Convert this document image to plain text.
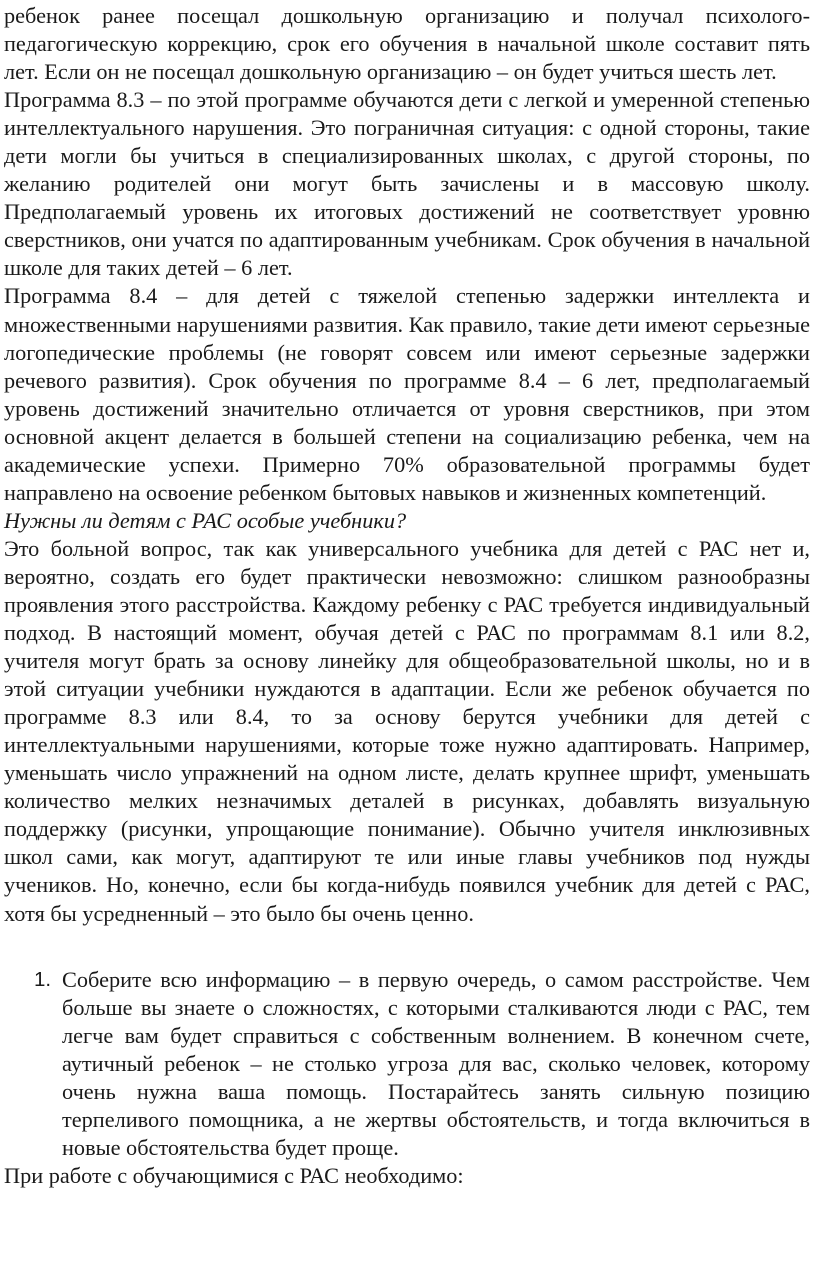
ребенок ранее посещал дошкольную организацию и получал психолого-педагогическую коррекцию, срок его обучения в начальной школе составит пять лет. Если он не посещал дошкольную организацию – он будет учиться шесть лет.

Программа 8.3 – по этой программе обучаются дети с легкой и умеренной степенью интеллектуального нарушения. Это пограничная ситуация: с одной стороны, такие дети могли бы учиться в специализированных школах, с другой стороны, по желанию родителей они могут быть зачислены и в массовую школу. Предполагаемый уровень их итоговых достижений не соответствует уровню сверстников, они учатся по адаптированным учебникам. Срок обучения в начальной школе для таких детей – 6 лет.

Программа 8.4 – для детей с тяжелой степенью задержки интеллекта и множественными нарушениями развития. Как правило, такие дети имеют серьезные логопедические проблемы (не говорят совсем или имеют серьезные задержки речевого развития). Срок обучения по программе 8.4 – 6 лет, предполагаемый уровень достижений значительно отличается от уровня сверстников, при этом основной акцент делается в большей степени на социализацию ребенка, чем на академические успехи. Примерно 70% образовательной программы будет направлено на освоение ребенком бытовых навыков и жизненных компетенций.

Нужны ли детям с РАС особые учебники?

Это больной вопрос, так как универсального учебника для детей с РАС нет и, вероятно, создать его будет практически невозможно: слишком разнообразны проявления этого расстройства. Каждому ребенку с РАС требуется индивидуальный подход. В настоящий момент, обучая детей с РАС по программам 8.1 или 8.2, учителя могут брать за основу линейку для общеобразовательной школы, но и в этой ситуации учебники нуждаются в адаптации. Если же ребенок обучается по программе 8.3 или 8.4, то за основу берутся учебники для детей с интеллектуальными нарушениями, которые тоже нужно адаптировать. Например, уменьшать число упражнений на одном листе, делать крупнее шрифт, уменьшать количество мелких незначимых деталей в рисунках, добавлять визуальную поддержку (рисунки, упрощающие понимание). Обычно учителя инклюзивных школ сами, как могут, адаптируют те или иные главы учебников под нужды учеников. Но, конечно, если бы когда-нибудь появился учебник для детей с РАС, хотя бы усредненный – это было бы очень ценно.

1. Соберите всю информацию – в первую очередь, о самом расстройстве. Чем больше вы знаете о сложностях, с которыми сталкиваются люди с РАС, тем легче вам будет справиться с собственным волнением. В конечном счете, аутичный ребенок – не столько угроза для вас, сколько человек, которому очень нужна ваша помощь. Постарайтесь занять сильную позицию терпеливого помощника, а не жертвы обстоятельств, и тогда включиться в новые обстоятельства будет проще.

При работе с обучающимися с РАС необходимо:
